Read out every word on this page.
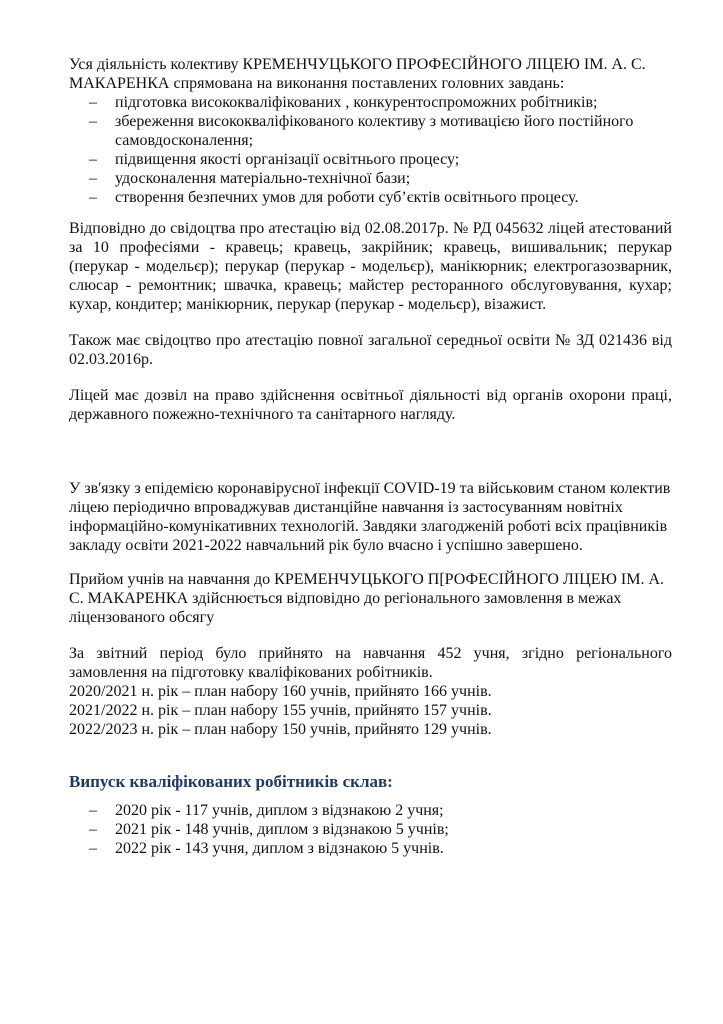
Уся діяльність колективу КРЕМЕНЧУЦЬКОГО ПРОФЕСІЙНОГО ЛІЦЕЮ ІМ. А. С. МАКАРЕНКА спрямована на виконання поставлених головних завдань:

– підготовка висококваліфікованих , конкурентоспроможних робітників;
– збереження висококваліфікованого колективу з мотивацією його постійного самовдосконалення;
– підвищення якості організації освітнього процесу;
– удосконалення матеріально-технічної бази;
– створення безпечних умов для роботи суб’єктів освітнього процесу.

Відповідно до свідоцтва про атестацію від 02.08.2017р. № РД 045632 ліцей атестований за 10 професіями - кравець; кравець, закрійник; кравець, вишивальник; перукар (перукар - модельєр); перукар (перукар - модельєр), манікюрник; електрогазозварник, слюсар - ремонтник; швачка, кравець; майстер ресторанного обслуговування, кухар; кухар, кондитер; манікюрник, перукар (перукар - модельєр), візажист.

Також має свідоцтво про атестацію повної загальної середньої освіти № ЗД 021436 від 02.03.2016р.

Ліцей має дозвіл на право здійснення освітньої діяльності від органів охорони праці, державного пожежно-технічного та санітарного нагляду.

У зв'язку з епідемією коронавірусної інфекції COVID-19 та військовим станом колектив ліцею періодично впроваджував дистанційне навчання із застосуванням новітніх інформаційно-комунікативних технологій. Завдяки злагодженій роботі всіх працівників закладу освіти 2021-2022 навчальний рік було вчасно і успішно завершено.

Прийом учнів на навчання до КРЕМЕНЧУЦЬКОГО П[РОФЕСІЙНОГО ЛІЦЕЮ ІМ. А. С. МАКАРЕНКА здійснюється відповідно до регіонального замовлення в межах ліцензованого обсягу

За звітний період було прийнято на навчання 452 учня, згідно регіонального замовлення на підготовку кваліфікованих робітників.

2020/2021 н. рік – план набору 160 учнів, прийнято 166 учнів.

2021/2022 н. рік – план набору 155 учнів, прийнято 157 учнів.

2022/2023 н. рік – план набору 150 учнів, прийнято 129 учнів.

Випуск кваліфікованих робітників склав:

– 2020 рік - 117 учнів, диплом з відзнакою 2 учня;
– 2021 рік - 148 учнів, диплом з відзнакою 5 учнів;
– 2022 рік - 143 учня, диплом з відзнакою 5 учнів.
